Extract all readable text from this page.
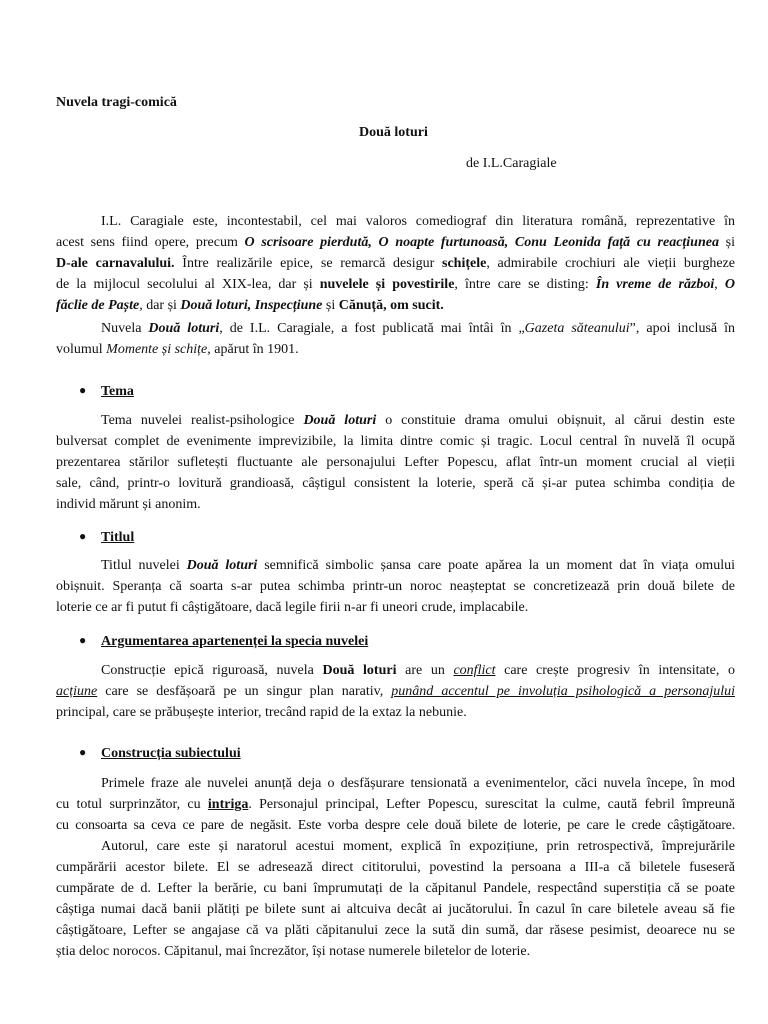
Nuvela tragi-comică
Două loturi
de I.L.Caragiale
I.L. Caragiale este, incontestabil, cel mai valoros comediograf din literatura română, reprezentative în
acest sens fiind opere, precum O scrisoare pierdută, O noapte furtunoasă, Conu Leonida față cu reacțiunea și
D-ale carnavalului. Între realizările epice, se remarcă desigur schițele, admirabile crochiuri ale vieții burgheze
de la mijlocul secolului al XIX-lea, dar și nuvelele și povestirile, între care se disting: În vreme de război, O
făclie de Paște, dar și Două loturi, Inspecțiune și Cănuță, om sucit.
Nuvela Două loturi, de I.L. Caragiale, a fost publicată mai întâi în „Gazeta săteanului”, apoi inclusă în
volumul Momente și schițe, apărut în 1901.
● Tema
Tema nuvelei realist-psihologice Două loturi o constituie drama omului obișnuit, al cărui destin este
bulversat complet de evenimente imprevizibile, la limita dintre comic și tragic. Locul central în nuvelă îl ocupă
prezentarea stărilor sufletești fluctuante ale personajului Lefter Popescu, aflat într-un moment crucial al vieții
sale, când, printr-o lovitură grandioasă, câștigul consistent la loterie, speră că și-ar putea schimba condiția de
individ mărunt și anonim.
● Titlul
Titlul nuvelei Două loturi semnifică simbolic șansa care poate apărea la un moment dat în viața omului
obișnuit. Speranța că soarta s-ar putea schimba printr-un noroc neașteptat se concretizează prin două bilete de
loterie ce ar fi putut fi câștigătoare, dacă legile firii n-ar fi uneori crude, implacabile.
● Argumentarea apartenenței la specia nuvelei
Construcție epică riguroasă, nuvela Două loturi are un conflict care crește progresiv în intensitate, o
acțiune care se desfășoară pe un singur plan narativ, punând accentul pe involuția psihologică a personajului
principal, care se prăbușește interior, trecând rapid de la extaz la nebunie.
● Construcția subiectului
Primele fraze ale nuvelei anunță deja o desfășurare tensionată a evenimentelor, căci nuvela începe, în mod
cu totul surprinzător, cu intriga. Personajul principal, Lefter Popescu, surescitat la culme, caută febril împreună
cu consoarta sa ceva ce pare de negăsit. Este vorba despre cele două bilete de loterie, pe care le crede câștigătoare.
Autorul, care este și naratorul acestui moment, explică în expozițiune, prin retrospectivă, împrejurările
cumpărării acestor bilete. El se adresează direct cititorului, povestind la persoana a III-a că biletele fuseseră
cumpărate de d. Lefter la berărie, cu bani împrumutați de la căpitanul Pandele, respectând superstiția că se poate
câștiga numai dacă banii plătiți pe bilete sunt ai altcuiva decât ai jucătorului. În cazul în care biletele aveau să fie
câștigătoare, Lefter se angajase că va plăti căpitanului zece la sută din sumă, dar răsese pesimist, deoarece nu se
știa deloc norocos. Căpitanul, mai încrezător, își notase numerele biletelor de loterie.
